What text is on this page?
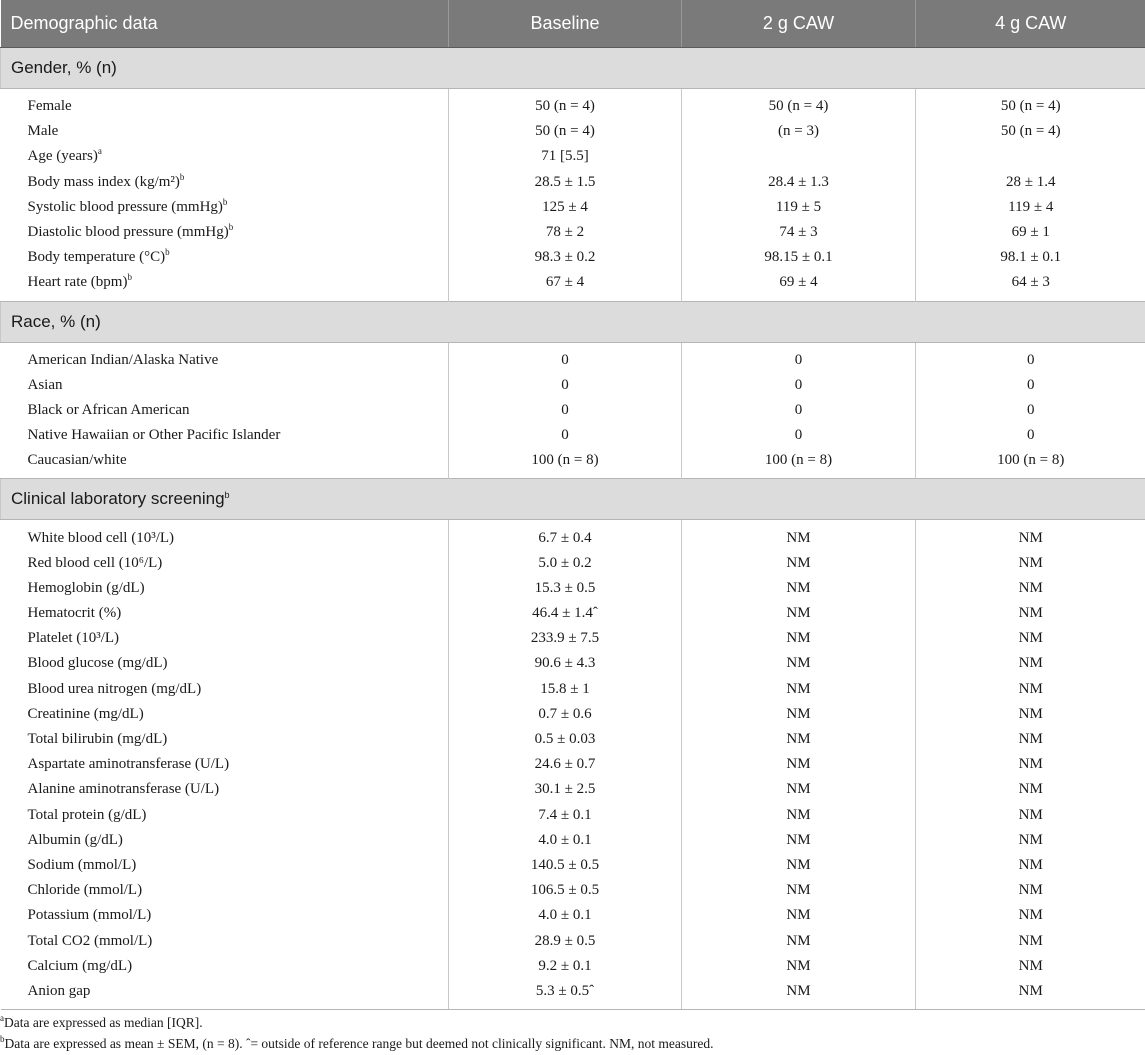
Demographic data	Baseline	2 g CAW	4 g CAW
Gender, % (n)			
Female	50 (n = 4)	50 (n = 4)	50 (n = 4)
Male	50 (n = 4)	(n = 3)	50 (n = 4)
Age (years)$^a$	71 [5.5]		
Body mass index $(kg/m^2)^b$	28.5 ± 1.5	28.4 ± 1.3	28 ± 1.4
Systolic blood pressure (mmHg)$^b$	125 ± 4	119 ± 5	119 ± 4
Diastolic blood pressure (mmHg)$^b$	78 ± 2	74 ± 3	69 ± 1
Body temperature $(^\circ C)^b$	98.3 ± 0.2	98.15 ± 0.1	98.1 ± 0.1
Heart rate (bpm)$^b$	67 ± 4	69 ± 4	64 ± 3
Race, % (n)			
American Indian/Alaska Native	0	0	0
Asian	0	0	0
Black or African American	0	0	0
Native Hawaiian or Other Pacific Islander	0	0	0
Caucasian/white	100 (n = 8)	100 (n = 8)	100 (n = 8)
Clinical laboratory screening$^b$
White blood cell (10³/L)	6.7 ± 0.4	NM	NM
Red blood cell (10⁶/L)	5.0 ± 0.2	NM	NM
Hemoglobin (g/dL)	15.3 ± 0.5	NM	NM
Hematocrit (%)	46.4 ± 1.4ˆ	NM	NM
Platelet (10³/L)	233.9 ± 7.5	NM	NM
Blood glucose (mg/dL)	90.6 ± 4.3	NM	NM
Blood urea nitrogen (mg/dL)	15.8 ± 1	NM	NM
Creatinine (mg/dL)	0.7 ± 0.6	NM	NM
Total bilirubin (mg/dL)	0.5 ± 0.03	NM	NM
Aspartate aminotransferase (U/L)	24.6 ± 0.7	NM	NM
Alanine aminotransferase (U/L)	30.1 ± 2.5	NM	NM
Total protein (g/dL)	7.4 ± 0.1	NM	NM
Albumin (g/dL)	4.0 ± 0.1	NM	NM
Sodium (mmol/L)	140.5 ± 0.5	NM	NM
Chloride (mmol/L)	106.5 ± 0.5	NM	NM
Potassium (mmol/L)	4.0 ± 0.1	NM	NM
Total CO2 (mmol/L)	28.9 ± 0.5	NM	NM
Calcium (mg/dL)	9.2 ± 0.1	NM	NM
Anion gap	5.3 ± 0.5ˆ	NM	NM
$^a$Data are expressed as median [IQR].
$^b$Data are expressed as mean ± SEM, (n = 8). ˆ= outside of reference range but deemed not clinically significant. NM, not measured.
